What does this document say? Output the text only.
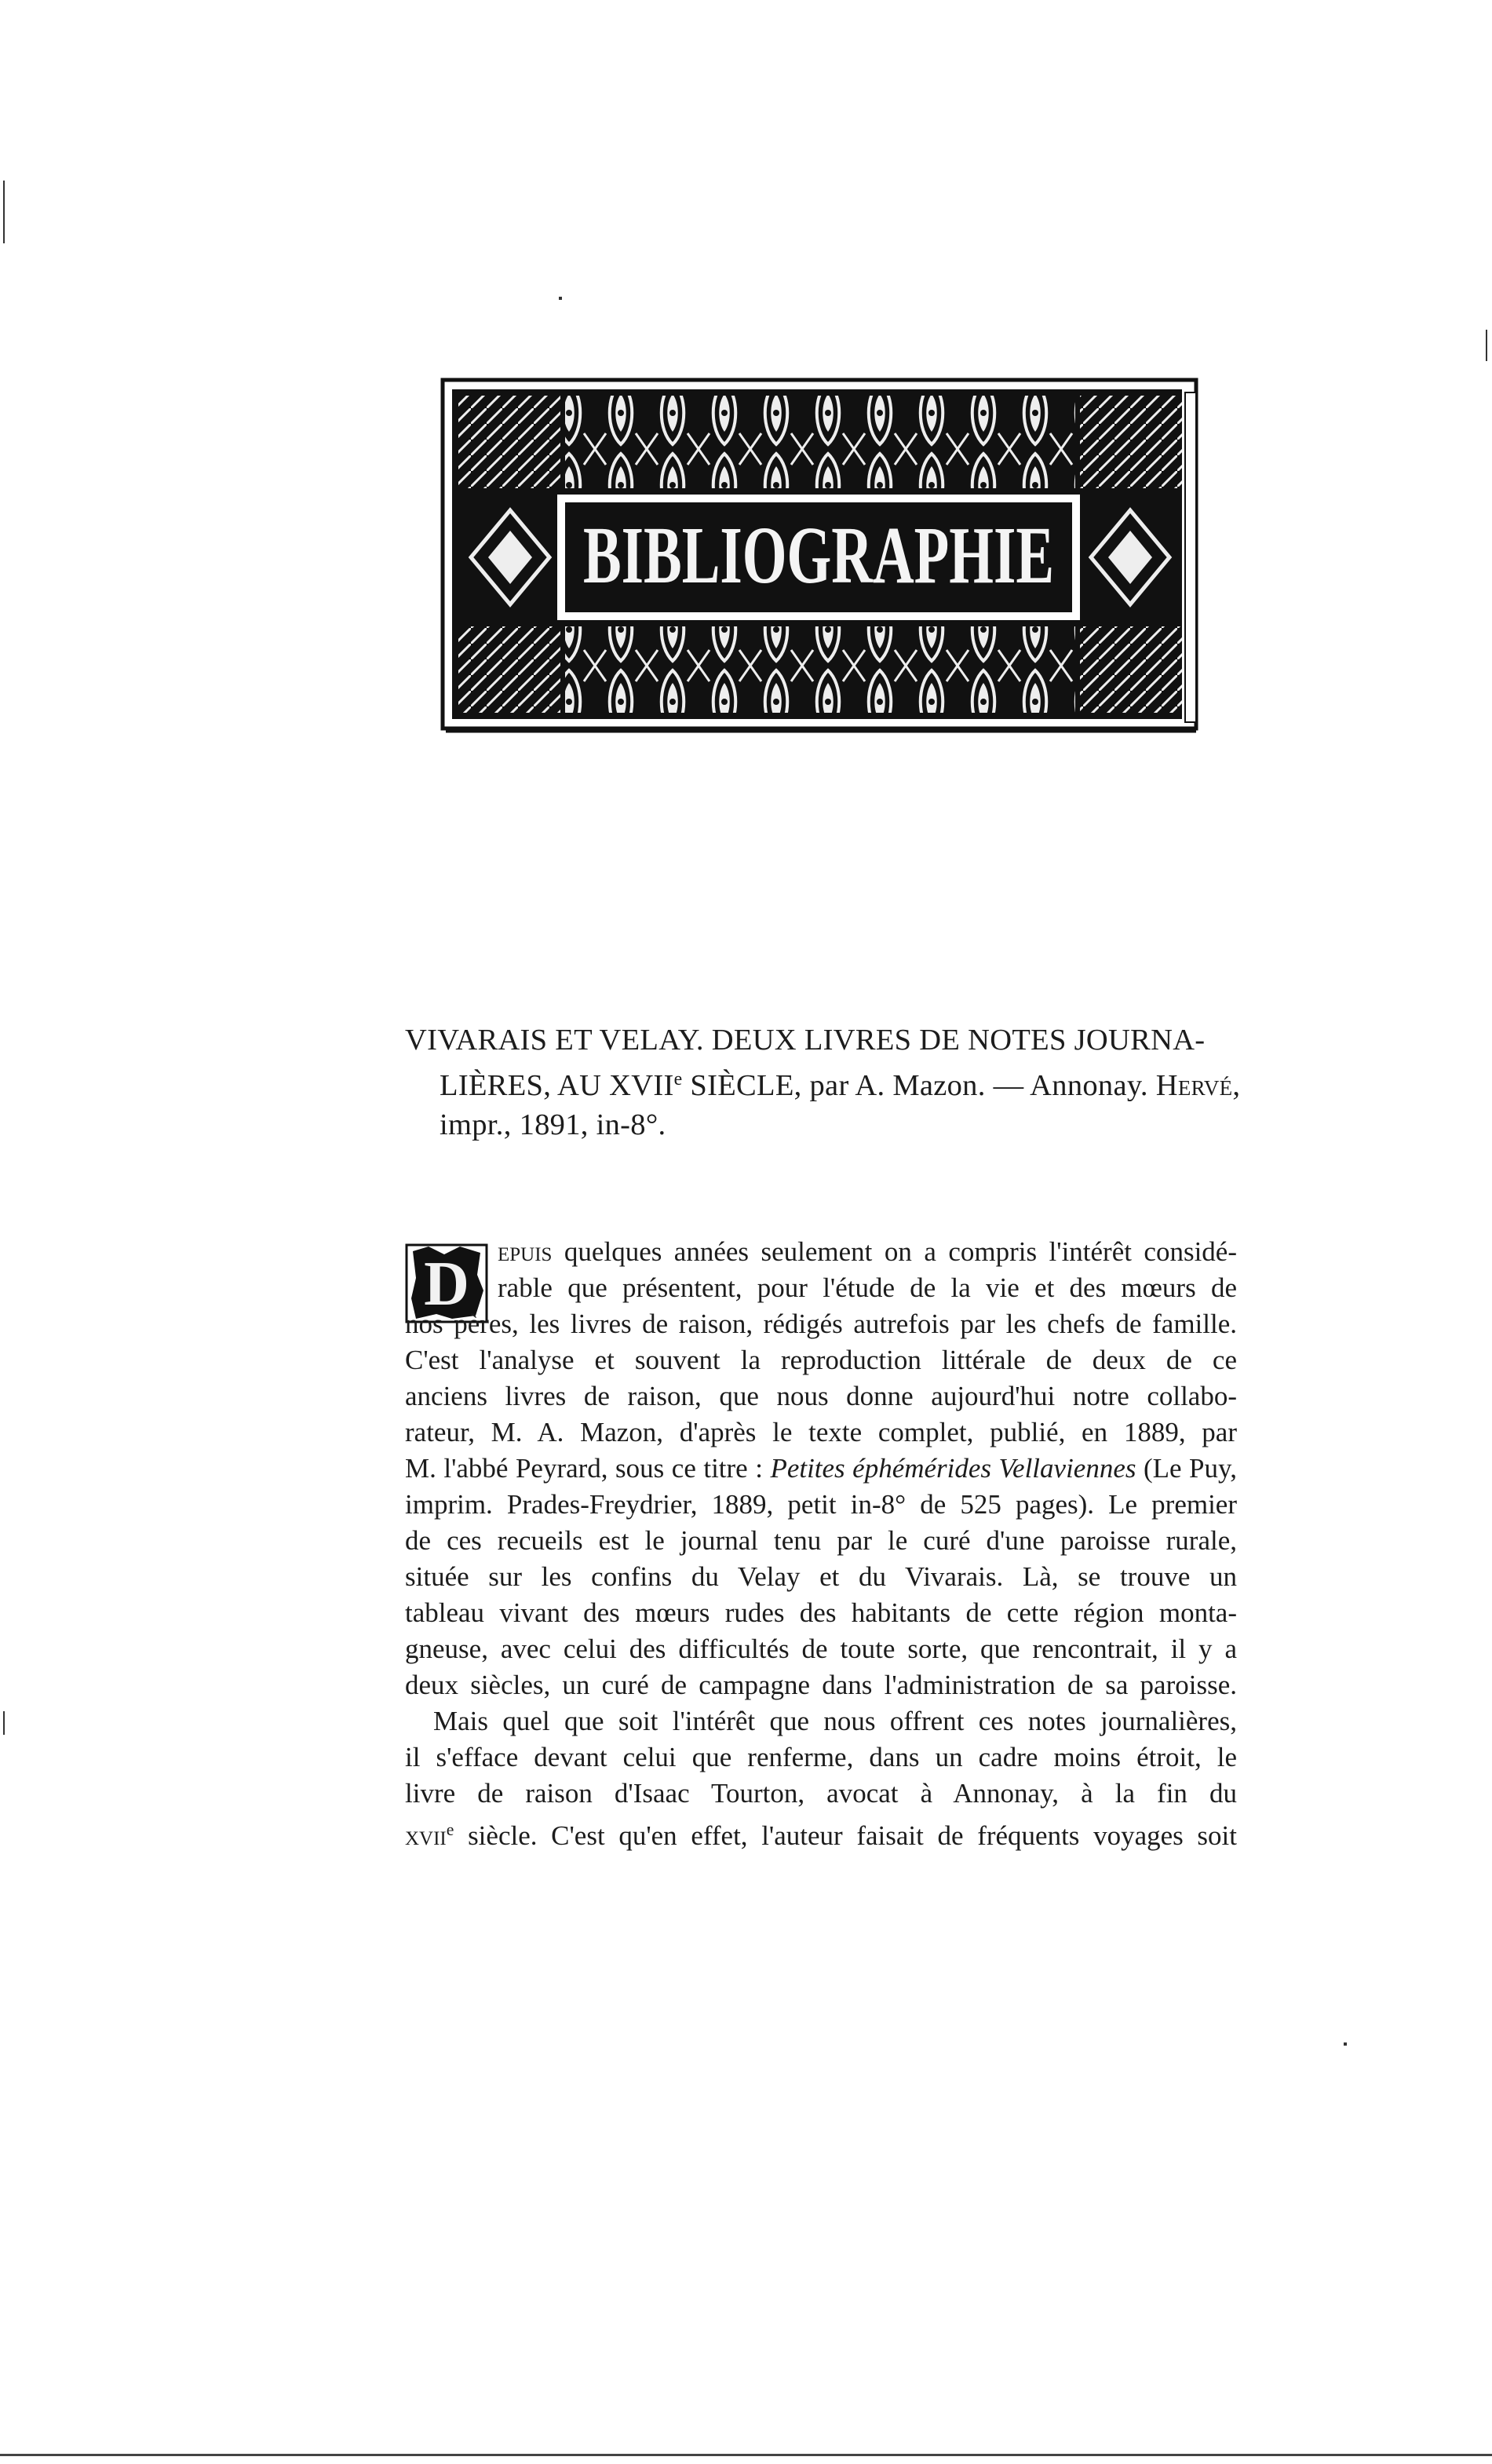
BIBLIOGRAPHIE
VIVARAIS ET VELAY. DEUX LIVRES DE NOTES JOURNA-
LIÈRES, AU XVIIe SIÈCLE, par A. Mazon. — Annonay. Hervé,
impr., 1891, in-8°.
D epuis quelques années seulement on a compris l'intérêt considé-
rable que présentent, pour l'étude de la vie et des mœurs de
nos pères, les livres de raison, rédigés autrefois par les chefs de famille.
C'est l'analyse et souvent la reproduction littérale de deux de ce
anciens livres de raison, que nous donne aujourd'hui notre collabo-
rateur, M. A. Mazon, d'après le texte complet, publié, en 1889, par
M. l'abbé Peyrard, sous ce titre : Petites éphémérides Vellaviennes (Le Puy,
imprim. Prades-Freydrier, 1889, petit in-8° de 525 pages). Le premier
de ces recueils est le journal tenu par le curé d'une paroisse rurale,
située sur les confins du Velay et du Vivarais. Là, se trouve un
tableau vivant des mœurs rudes des habitants de cette région monta-
gneuse, avec celui des difficultés de toute sorte, que rencontrait, il y a
deux siècles, un curé de campagne dans l'administration de sa paroisse.
Mais quel que soit l'intérêt que nous offrent ces notes journalières,
il s'efface devant celui que renferme, dans un cadre moins étroit, le
livre de raison d'Isaac Tourton, avocat à Annonay, à la fin du
xvii$^e$ siècle. C'est qu'en effet, l'auteur faisait de fréquents voyages soit
